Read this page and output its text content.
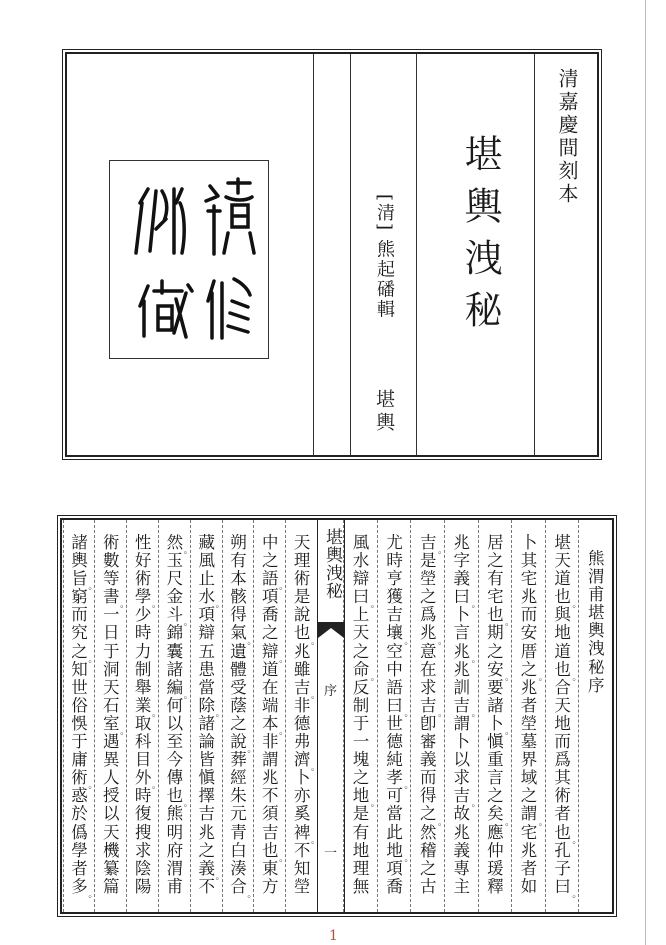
清嘉慶間刻本
堪輿洩秘
[清] 熊起磻輯
堪輿
熊
渭
甫
堪
輿
洩
秘
序
堪
天
道
也 。
與
地
道
也 。
合
天
地
而
爲
其
術
者
也 。
孔
子
曰 。
卜
其
宅
兆
而
安
厝
之 。
兆
者
塋
墓
界
域
之
謂 。
宅
兆
者
如
居
之
有
宅
也 。
期
之
安 。
要
諸
卜 。
愼
重
言
之
矣 。
應
仲
瑗
釋
兆
字
義
曰 。
卜
言
兆 。
兆
訓
吉 。
謂
卜
以
求
吉 。
故
兆
義
專
主
吉 。
是
塋
之
爲
兆 。
意
在
求
吉 。
卽
審
義
而
得
之 。
然
稽
之
古
尤
時
亨
獲
吉
壤 。
空
中
語
曰 。
世
德
純
孝 。
可
當
此
地 。
項
喬
風
水
辯
曰 。
上
天
之
命 。
反
制
于
一
塊
之
地 。
是
有
地
理
無
天
理
術
是
說
也 。
兆
雖
吉 。
非
德
弗
濟 。
卜
亦
奚
裨 。
不
知
塋
中
之
語 。
項
喬
之
辯 。
道
在
端
本 。
非
謂
兆
不
須
吉
也 。
東
方
朔
有
本
骸
得
氣 。
遺
體
受
蔭
之
說 。
葬
經
朱
元
青
白
湊
合 。
藏
風
止
水 。
項
辯
五
患
當
除 。
諸
論
皆
愼
擇
吉
兆
之
義 。
不
然 。
玉
尺
金
斗 。
錦
囊
諸
編 。
何
以
至
今
傳
也 。
熊
明
府
渭
甫
性
好
術
學 。
少
時
力
制
舉
業 。
取
科
目
外 。
時
復
搜
求
陰
陽
術
數
等
書 。
一
日
于
洞
天
石
室 。
遇
異
人
授
以
天
機
纂
篇
諸
輿
旨 。
窮
而
究
之 。
知
世
俗
悞
于
庸
術 。
惑
於
僞
學
者
多 。
堪輿洩秘
序
一
1
